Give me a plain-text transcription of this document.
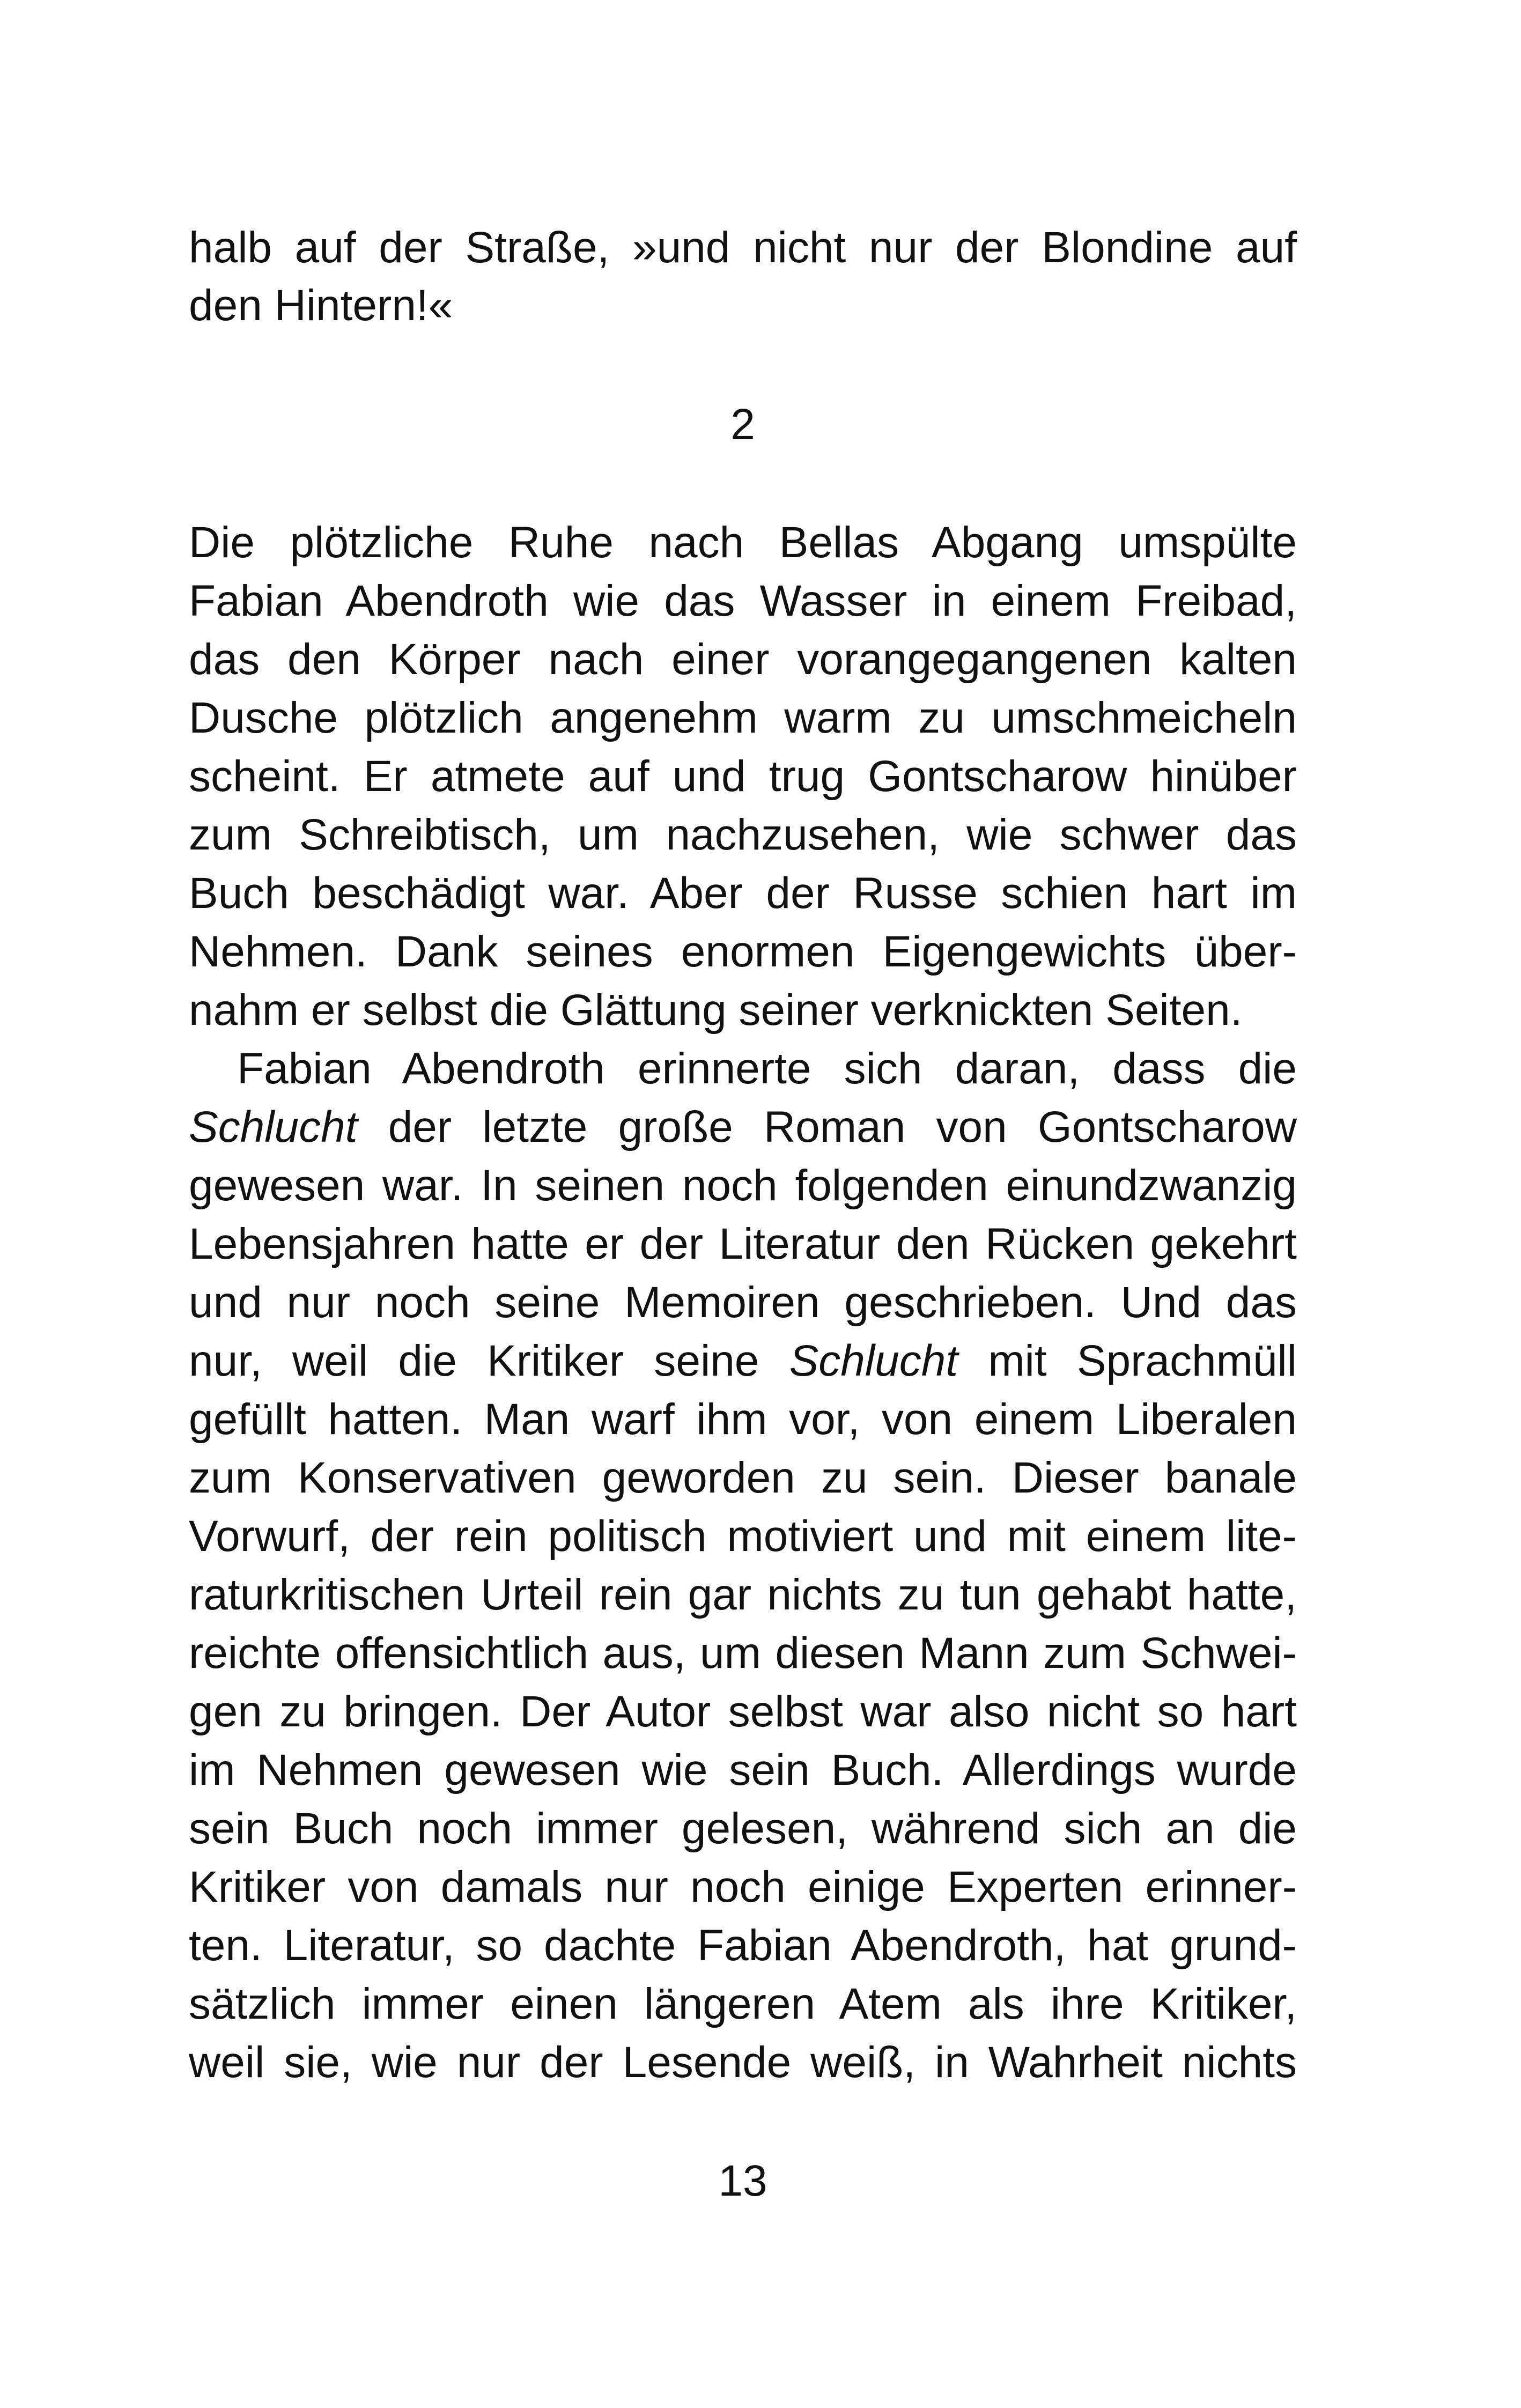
halb auf der Straße, »und nicht nur der Blondine auf
den Hintern!«
2
Die plötzliche Ruhe nach Bellas Abgang umspülte
Fabian Abendroth wie das Wasser in einem Freibad,
das den Körper nach einer vorangegangenen kalten
Dusche plötzlich angenehm warm zu umschmeicheln
scheint. Er atmete auf und trug Gontscharow hinüber
zum Schreibtisch, um nachzusehen, wie schwer das
Buch beschädigt war. Aber der Russe schien hart im
Nehmen. Dank seines enormen Eigengewichts über-
nahm er selbst die Glättung seiner verknickten Seiten.
Fabian Abendroth erinnerte sich daran, dass die
Schlucht der letzte große Roman von Gontscharow
gewesen war. In seinen noch folgenden einundzwanzig
Lebensjahren hatte er der Literatur den Rücken gekehrt
und nur noch seine Memoiren geschrieben. Und das
nur, weil die Kritiker seine Schlucht mit Sprachmüll
gefüllt hatten. Man warf ihm vor, von einem Liberalen
zum Konservativen geworden zu sein. Dieser banale
Vorwurf, der rein politisch motiviert und mit einem lite-
raturkritischen Urteil rein gar nichts zu tun gehabt hatte,
reichte offensichtlich aus, um diesen Mann zum Schwei-
gen zu bringen. Der Autor selbst war also nicht so hart
im Nehmen gewesen wie sein Buch. Allerdings wurde
sein Buch noch immer gelesen, während sich an die
Kritiker von damals nur noch einige Experten erinner-
ten. Literatur, so dachte Fabian Abendroth, hat grund-
sätzlich immer einen längeren Atem als ihre Kritiker,
weil sie, wie nur der Lesende weiß, in Wahrheit nichts
13
